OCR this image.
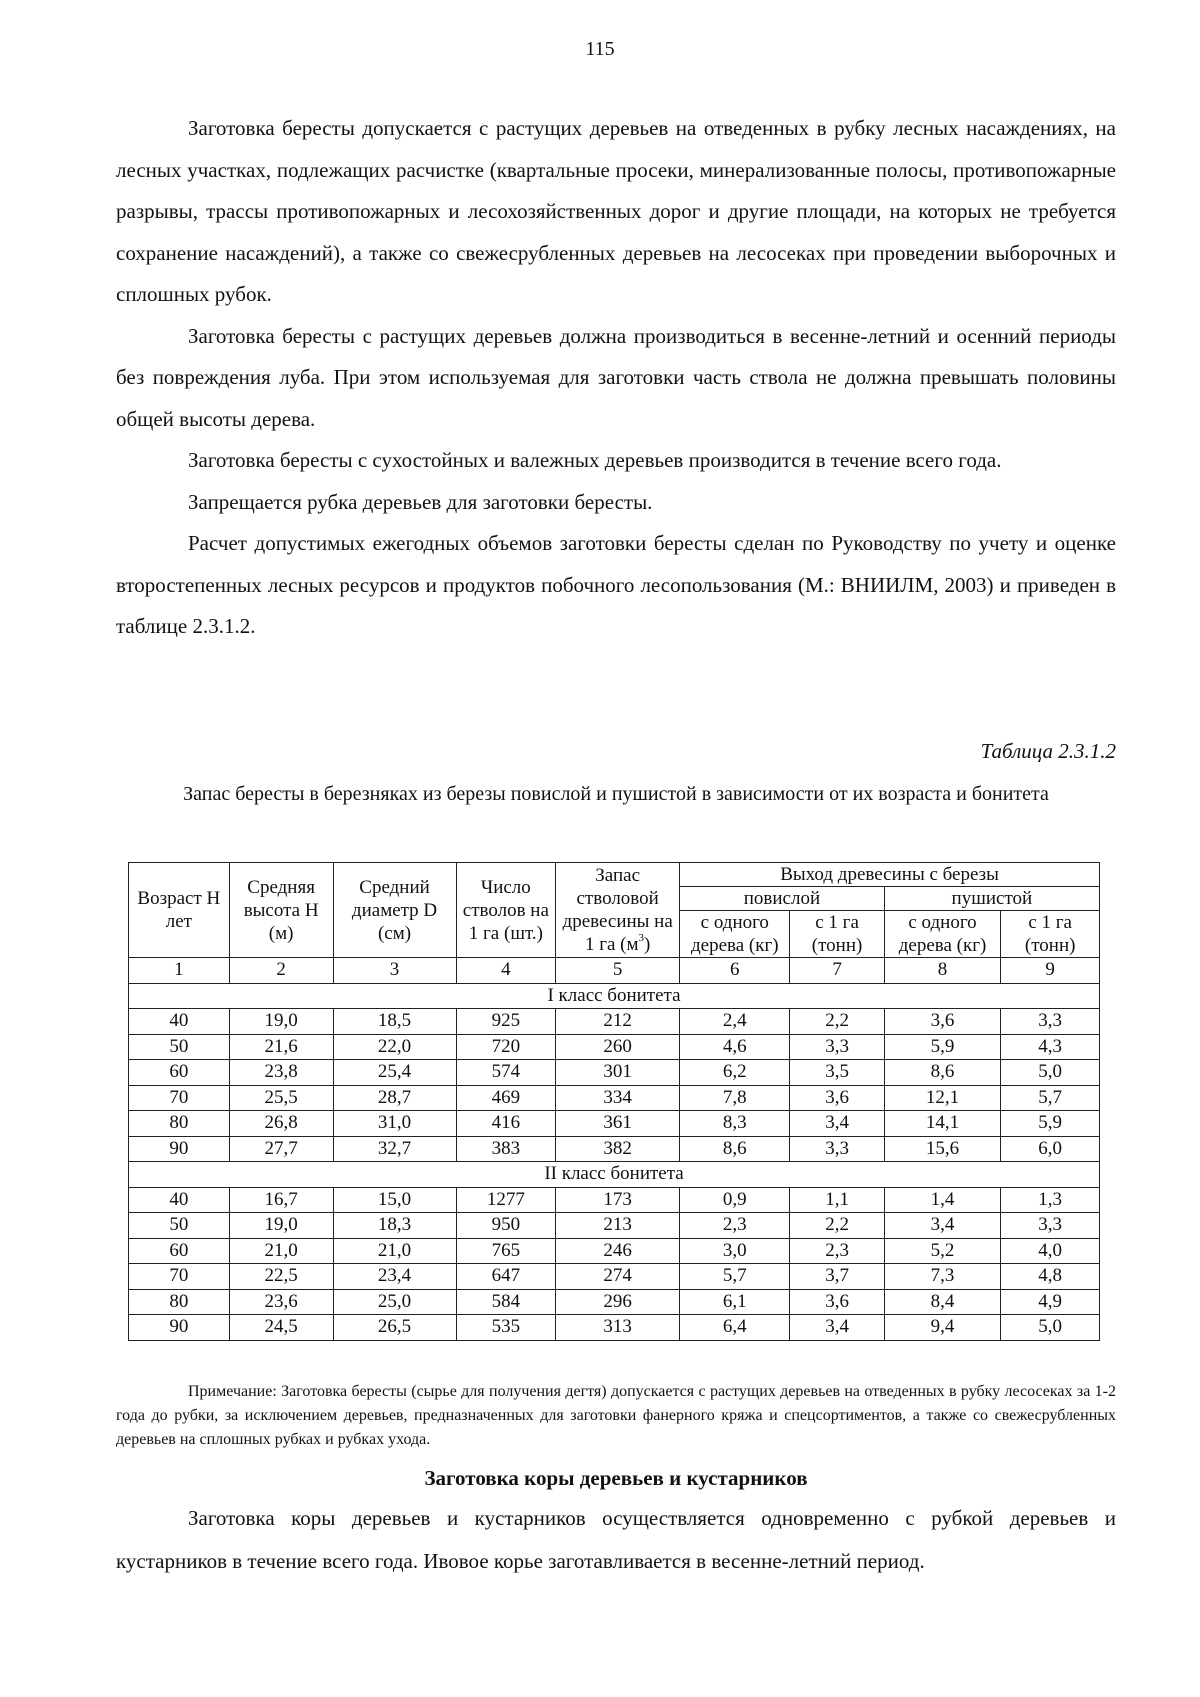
115

Заготовка бересты допускается с растущих деревьев на отведенных в рубку лесных насаждениях, на лесных участках, подлежащих расчистке (квартальные просеки, минерализованные полосы, противопожарные разрывы, трассы противопожарных и лесохозяйственных дорог и другие площади, на которых не требуется сохранение насаждений), а также со свежесрубленных деревьев на лесосеках при проведении выборочных и сплошных рубок.

Заготовка бересты с растущих деревьев должна производиться в весенне-летний и осенний периоды без повреждения луба. При этом используемая для заготовки часть ствола не должна превышать половины общей высоты дерева.

Заготовка бересты с сухостойных и валежных деревьев производится в течение всего года.

Запрещается рубка деревьев для заготовки бересты.

Расчет допустимых ежегодных объемов заготовки бересты сделан по Руководству по учету и оценке второстепенных лесных ресурсов и продуктов побочного лесопользования (М.: ВНИИЛМ, 2003) и приведен в таблице 2.3.1.2.

Таблица 2.3.1.2
Запас бересты в березняках из березы повислой и пушистой в зависимости от их возраста и бонитета
Возраст Н лет	Средняя высота Н (м)	Средний диаметр D (см)	Число стволов на 1 га (шт.)	Запас стволовой древесины на 1 га $(м^3)$	Выход древесины с березы			
					повислой		пушистой	
					с одного дерева (кг)	с 1 га (тонн)	с одного дерева (кг)	с 1 га (тонн)
1	2	3	4	5	6	7	8	9
I класс бонитета								
40	19,0	18,5	925	212	2,4	2,2	3,6	3,3
50	21,6	22,0	720	260	4,6	3,3	5,9	4,3
60	23,8	25,4	574	301	6,2	3,5	8,6	5,0
70	25,5	28,7	469	334	7,8	3,6	12,1	5,7
80	26,8	31,0	416	361	8,3	3,4	14,1	5,9
90	27,7	32,7	383	382	8,6	3,3	15,6	6,0
II класс бонитета								
40	16,7	15,0	1277	173	0,9	1,1	1,4	1,3
50	19,0	18,3	950	213	2,3	2,2	3,4	3,3
60	21,0	21,0	765	246	3,0	2,3	5,2	4,0
70	22,5	23,4	647	274	5,7	3,7	7,3	4,8
80	23,6	25,0	584	296	6,1	3,6	8,4	4,9
90	24,5	26,5	535	313	6,4	3,4	9,4	5,0
Примечание: Заготовка бересты (сырье для получения дегтя) допускается с растущих деревьев на отведенных в рубку лесосеках за 1-2 года до рубки, за исключением деревьев, предназначенных для заготовки фанерного кряжа и спецсортиментов, а также со свежесрубленных деревьев на сплошных рубках и рубках ухода.
Заготовка коры деревьев и кустарников
Заготовка коры деревьев и кустарников осуществляется одновременно с рубкой деревьев и кустарников в течение всего года. Ивовое корье заготавливается в весенне-летний период.
